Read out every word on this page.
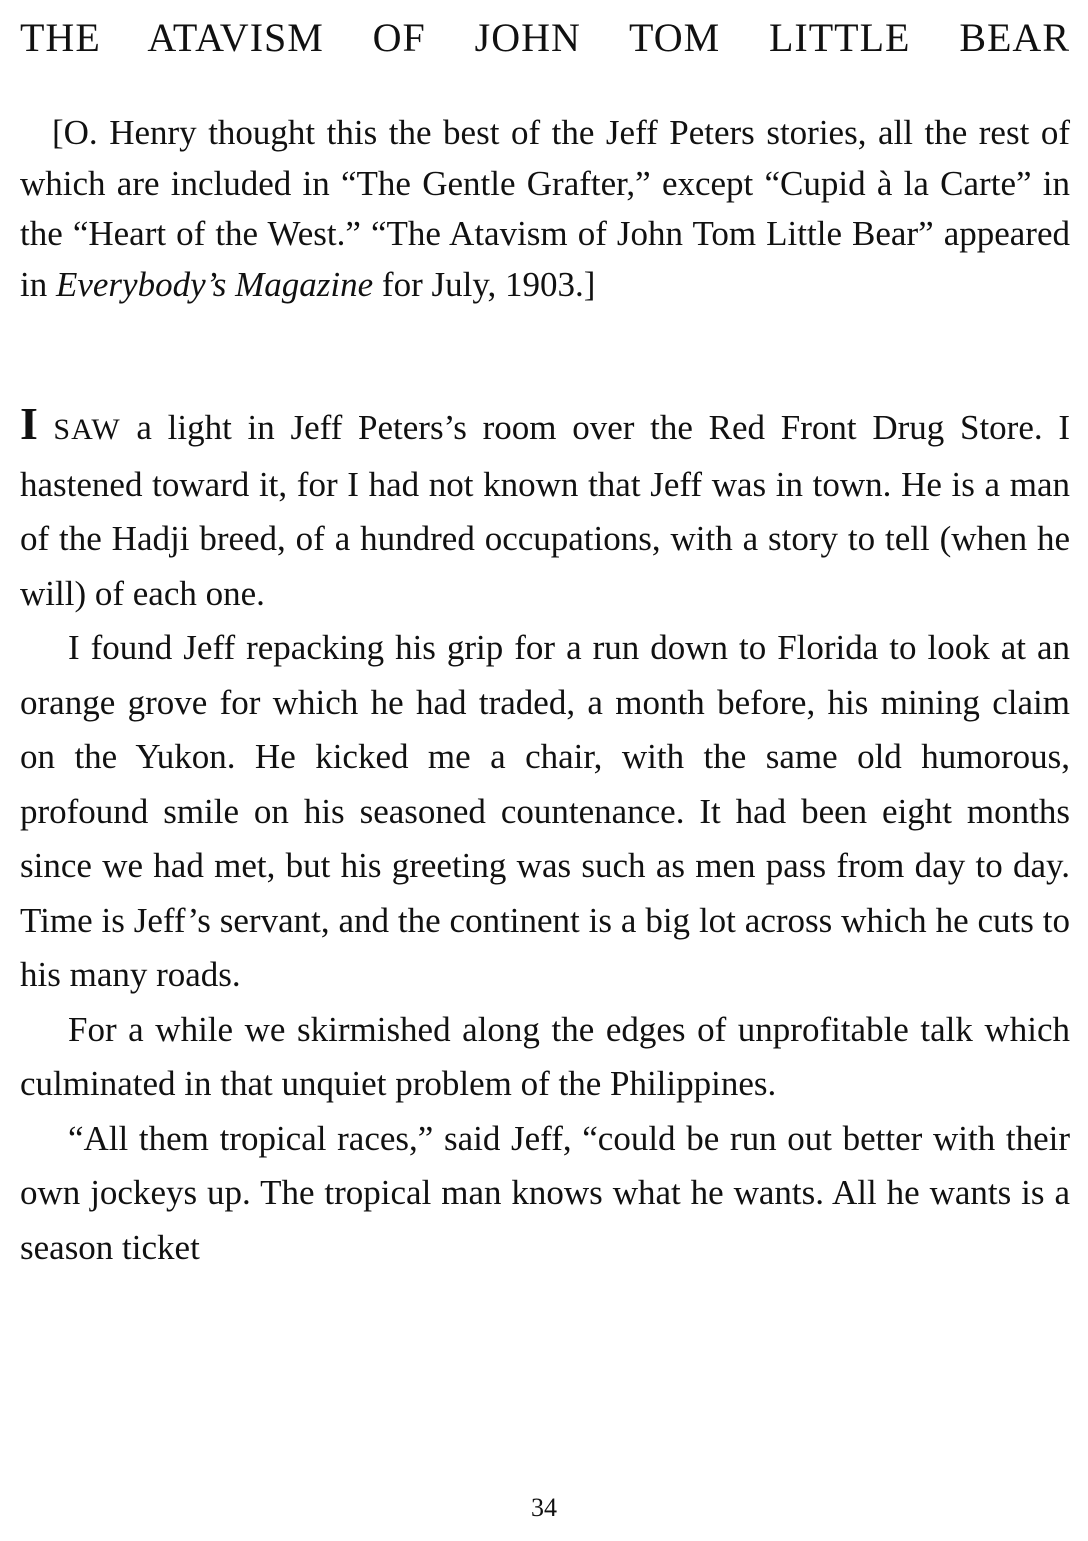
THE ATAVISM OF JOHN TOM LITTLE BEAR

[O. Henry thought this the best of the Jeff Peters stories, all the rest of which are included in “The Gentle Grafter,” except “Cupid à la Carte” in the “Heart of the West.” “The Atavism of John Tom Little Bear” appeared in Everybody’s Magazine for July, 1903.]

I SAW a light in Jeff Peters’s room over the Red Front Drug Store. I hastened toward it, for I had not known that Jeff was in town. He is a man of the Hadji breed, of a hundred occupations, with a story to tell (when he will) of each one.

I found Jeff repacking his grip for a run down to Florida to look at an orange grove for which he had traded, a month before, his mining claim on the Yukon. He kicked me a chair, with the same old humorous, profound smile on his seasoned countenance. It had been eight months since we had met, but his greeting was such as men pass from day to day. Time is Jeff’s servant, and the continent is a big lot across which he cuts to his many roads.

For a while we skirmished along the edges of unprofitable talk which culminated in that unquiet problem of the Philippines.

“All them tropical races,” said Jeff, “could be run out better with their own jockeys up. The tropical man knows what he wants. All he wants is a season ticket

34
